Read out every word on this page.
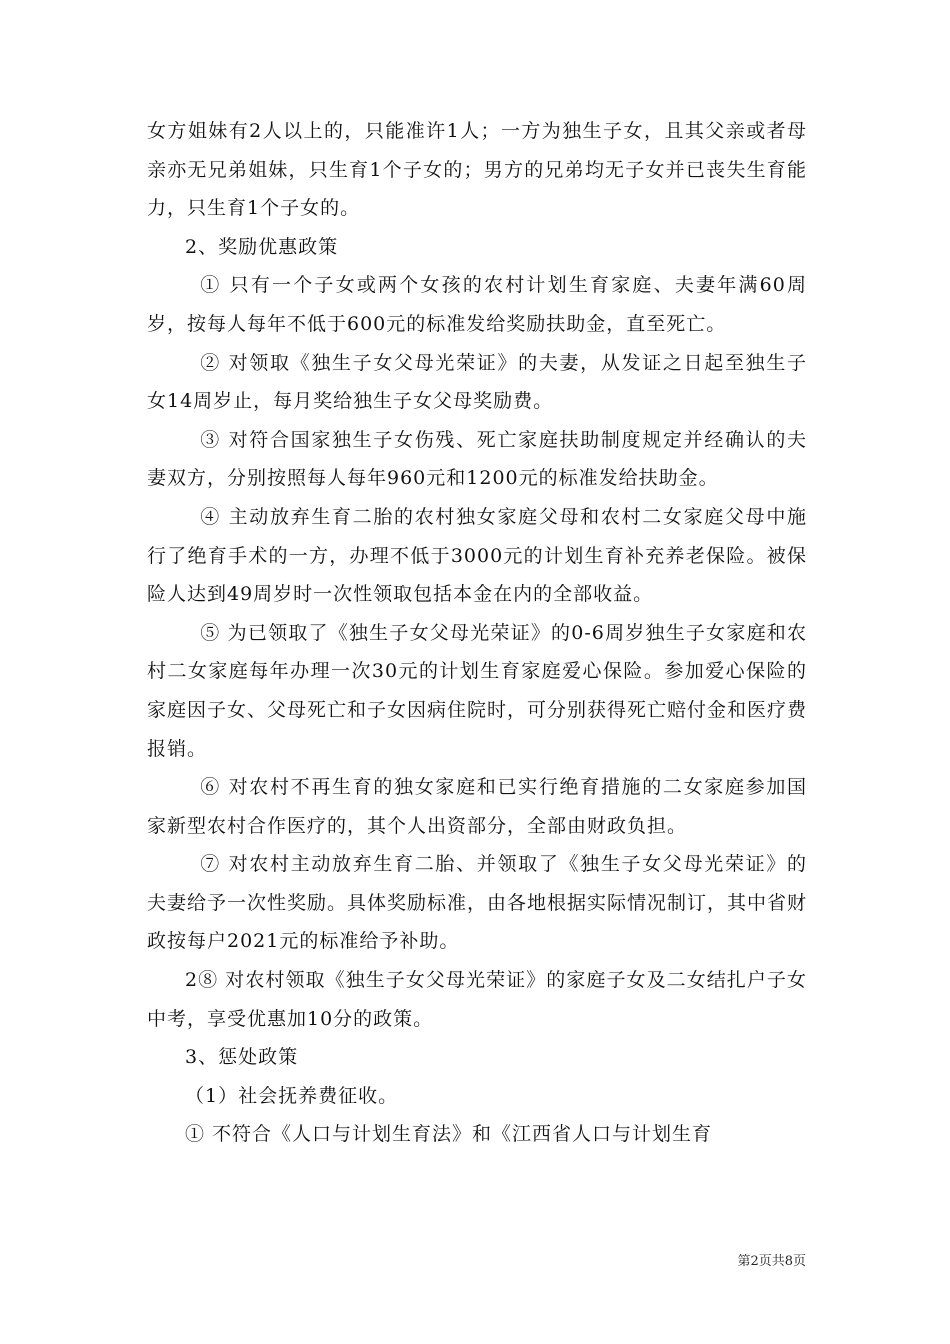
女方姐妹有2人以上的，只能准许1人；一方为独生子女，且其父亲或者母亲亦无兄弟姐妹，只生育1个子女的；男方的兄弟均无子女并已丧失生育能力，只生育1个子女的。

2、奖励优惠政策

① 只有一个子女或两个女孩的农村计划生育家庭、夫妻年满60周岁，按每人每年不低于600元的标准发给奖励扶助金，直至死亡。

② 对领取《独生子女父母光荣证》的夫妻，从发证之日起至独生子女14周岁止，每月奖给独生子女父母奖励费。

③ 对符合国家独生子女伤残、死亡家庭扶助制度规定并经确认的夫妻双方，分别按照每人每年960元和1200元的标准发给扶助金。

④ 主动放弃生育二胎的农村独女家庭父母和农村二女家庭父母中施行了绝育手术的一方，办理不低于3000元的计划生育补充养老保险。被保险人达到49周岁时一次性领取包括本金在内的全部收益。

⑤ 为已领取了《独生子女父母光荣证》的0-6周岁独生子女家庭和农村二女家庭每年办理一次30元的计划生育家庭爱心保险。参加爱心保险的家庭因子女、父母死亡和子女因病住院时，可分别获得死亡赔付金和医疗费报销。

⑥ 对农村不再生育的独女家庭和已实行绝育措施的二女家庭参加国家新型农村合作医疗的，其个人出资部分，全部由财政负担。

⑦ 对农村主动放弃生育二胎、并领取了《独生子女父母光荣证》的夫妻给予一次性奖励。具体奖励标准，由各地根据实际情况制订，其中省财政按每户2021元的标准给予补助。

2⑧ 对农村领取《独生子女父母光荣证》的家庭子女及二女结扎户子女中考，享受优惠加10分的政策。

3、惩处政策

（1）社会抚养费征收。

① 不符合《人口与计划生育法》和《江西省人口与计划生育

第2页共8页
